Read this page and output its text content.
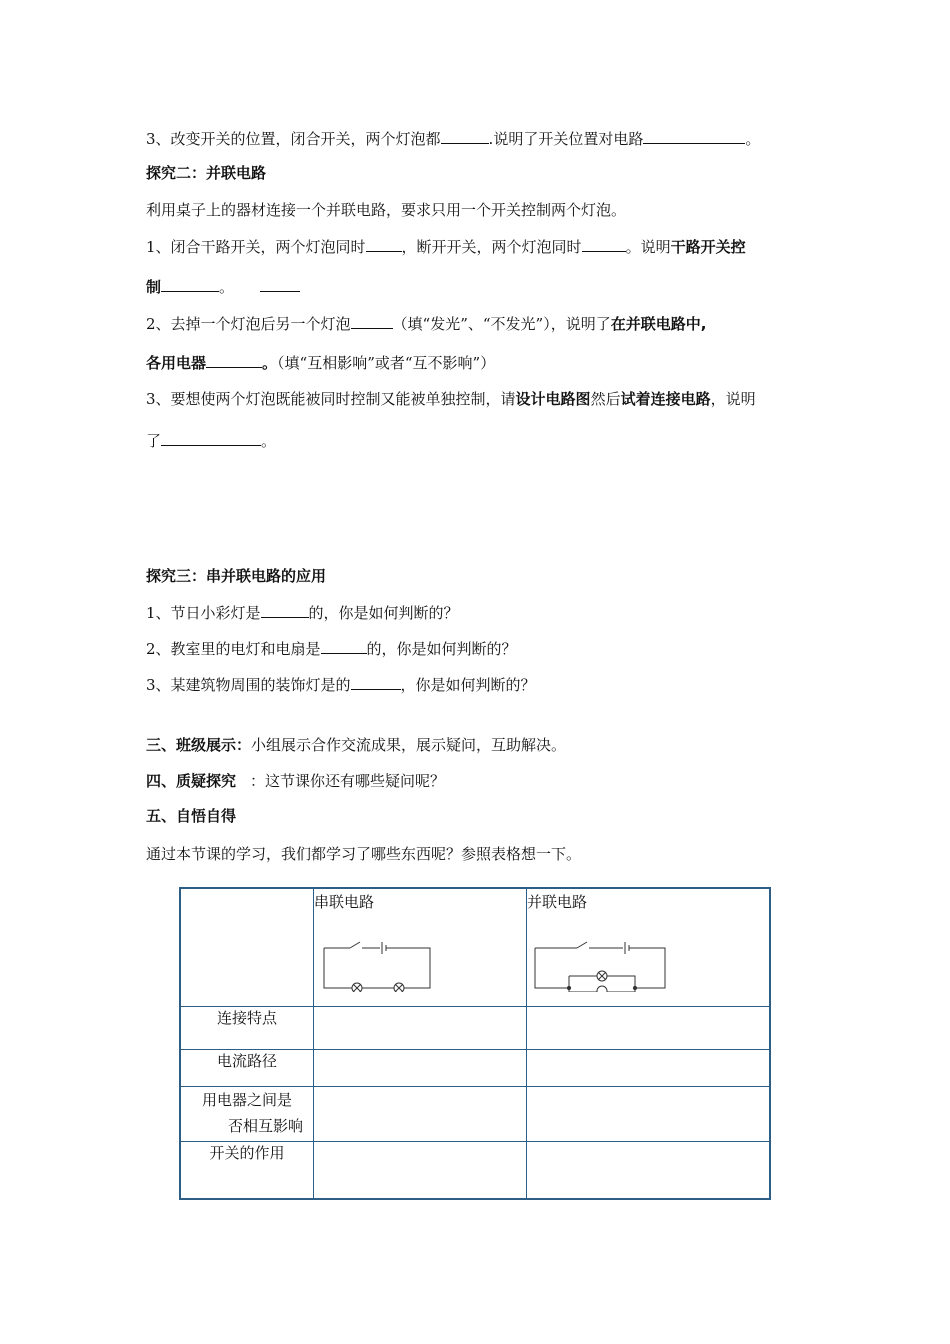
3、改变开关的位置，闭合开关，两个灯泡都	.说明了开关位置对电路	。
探究二：并联电路
利用桌子上的器材连接一个并联电路，要求只用一个开关控制两个灯泡。
1、闭合干路开关，两个灯泡同时 ，断开开关，两个灯泡同时	。说明干路开关控
制	。
2、去掉一个灯泡后另一个灯泡	（填“发光”、“不发光”），说明了在并联电路中,
各用电器	。（填“互相影响”或者“互不影响”）
3、要想使两个灯泡既能被同时控制又能被单独控制，请设计电路图然后试着连接电路，说明
了	。
探究三：串并联电路的应用
1、节日小彩灯是	的，你是如何判断的？
2、教室里的电灯和电扇是	的，你是如何判断的？
3、某建筑物周围的装饰灯是的	，你是如何判断的？
三、班级展示：小组展示合作交流成果，展示疑问，互助解决。
四、质疑探究 ：这节课你还有哪些疑问呢？
五、自悟自得
通过本节课的学习，我们都学习了哪些东西呢？参照表格想一下。

	串联电路	并联电路

连接特点		
电流路径		

用电器之间是
否相互影响		

开关的作用		
